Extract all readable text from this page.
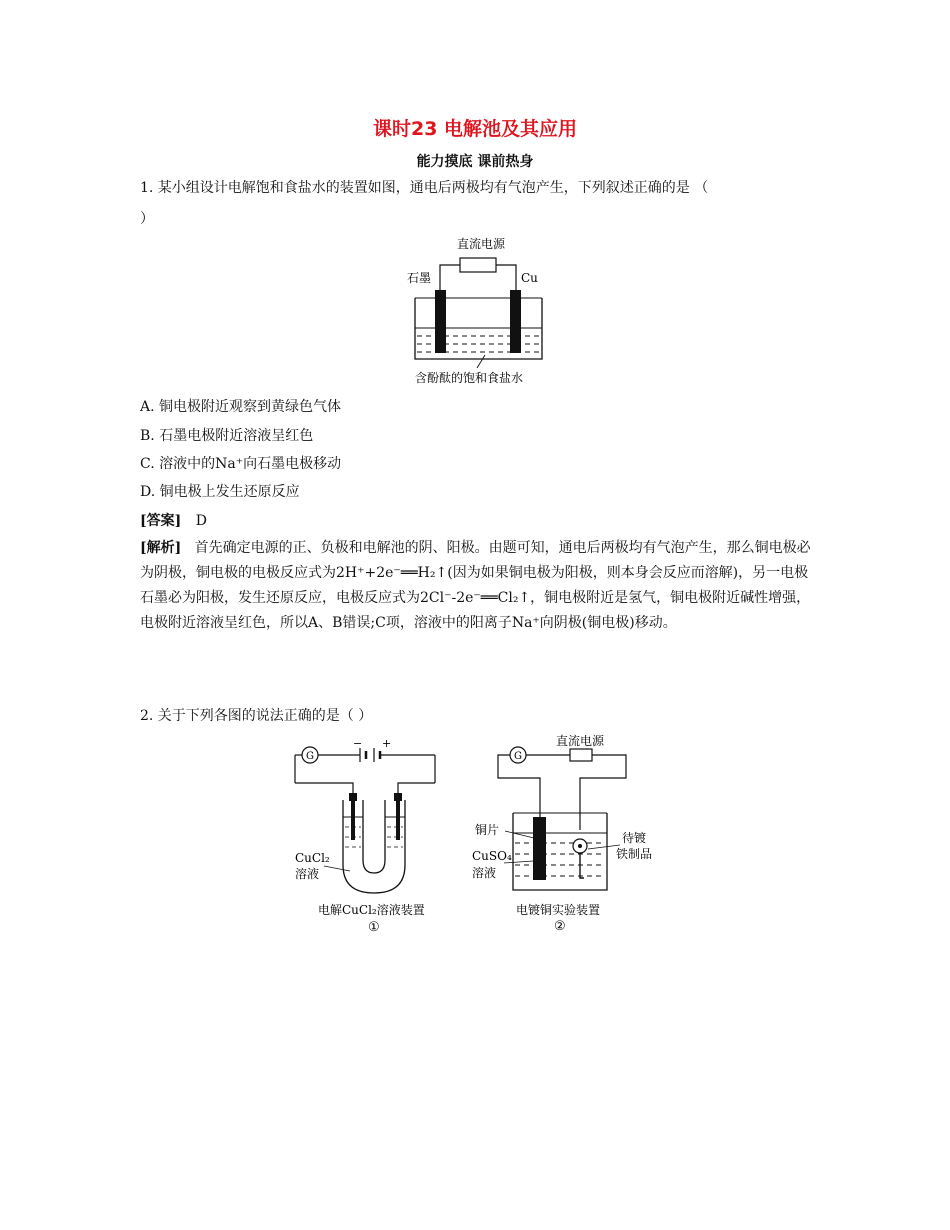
课时23 电解池及其应用
能力摸底 课前热身
1. 某小组设计电解饱和食盐水的装置如图，通电后两极均有气泡产生，下列叙述正确的是 （
）
直流电源
石墨	Cu
含酚酞的饱和食盐水
A. 铜电极附近观察到黄绿色气体
B. 石墨电极附近溶液呈红色
C. 溶液中的Na⁺向石墨电极移动
D. 铜电极上发生还原反应
[答案] D
[解析] 首先确定电源的正、负极和电解池的阴、阳极。由题可知，通电后两极均有气泡产生，那么铜电极必为阴极，铜电极的电极反应式为2H⁺+2e⁻══H₂↑(因为如果铜电极为阳极，则本身会反应而溶解)，另一电极石墨必为阳极，发生还原反应，电极反应式为2Cl⁻-2e⁻══Cl₂↑，铜电极附近是氢气，铜电极附近碱性增强，电极附近溶液呈红色，所以A、B错误;C项，溶液中的阳离子Na⁺向阴极(铜电极)移动。
2. 关于下列各图的说法正确的是（ ）
G
− +
CuCl₂
溶液
电解CuCl₂溶液装置
①
直流电源
G
铜片
CuSO₄
溶液
待镀
铁制品
电镀铜实验装置
②
